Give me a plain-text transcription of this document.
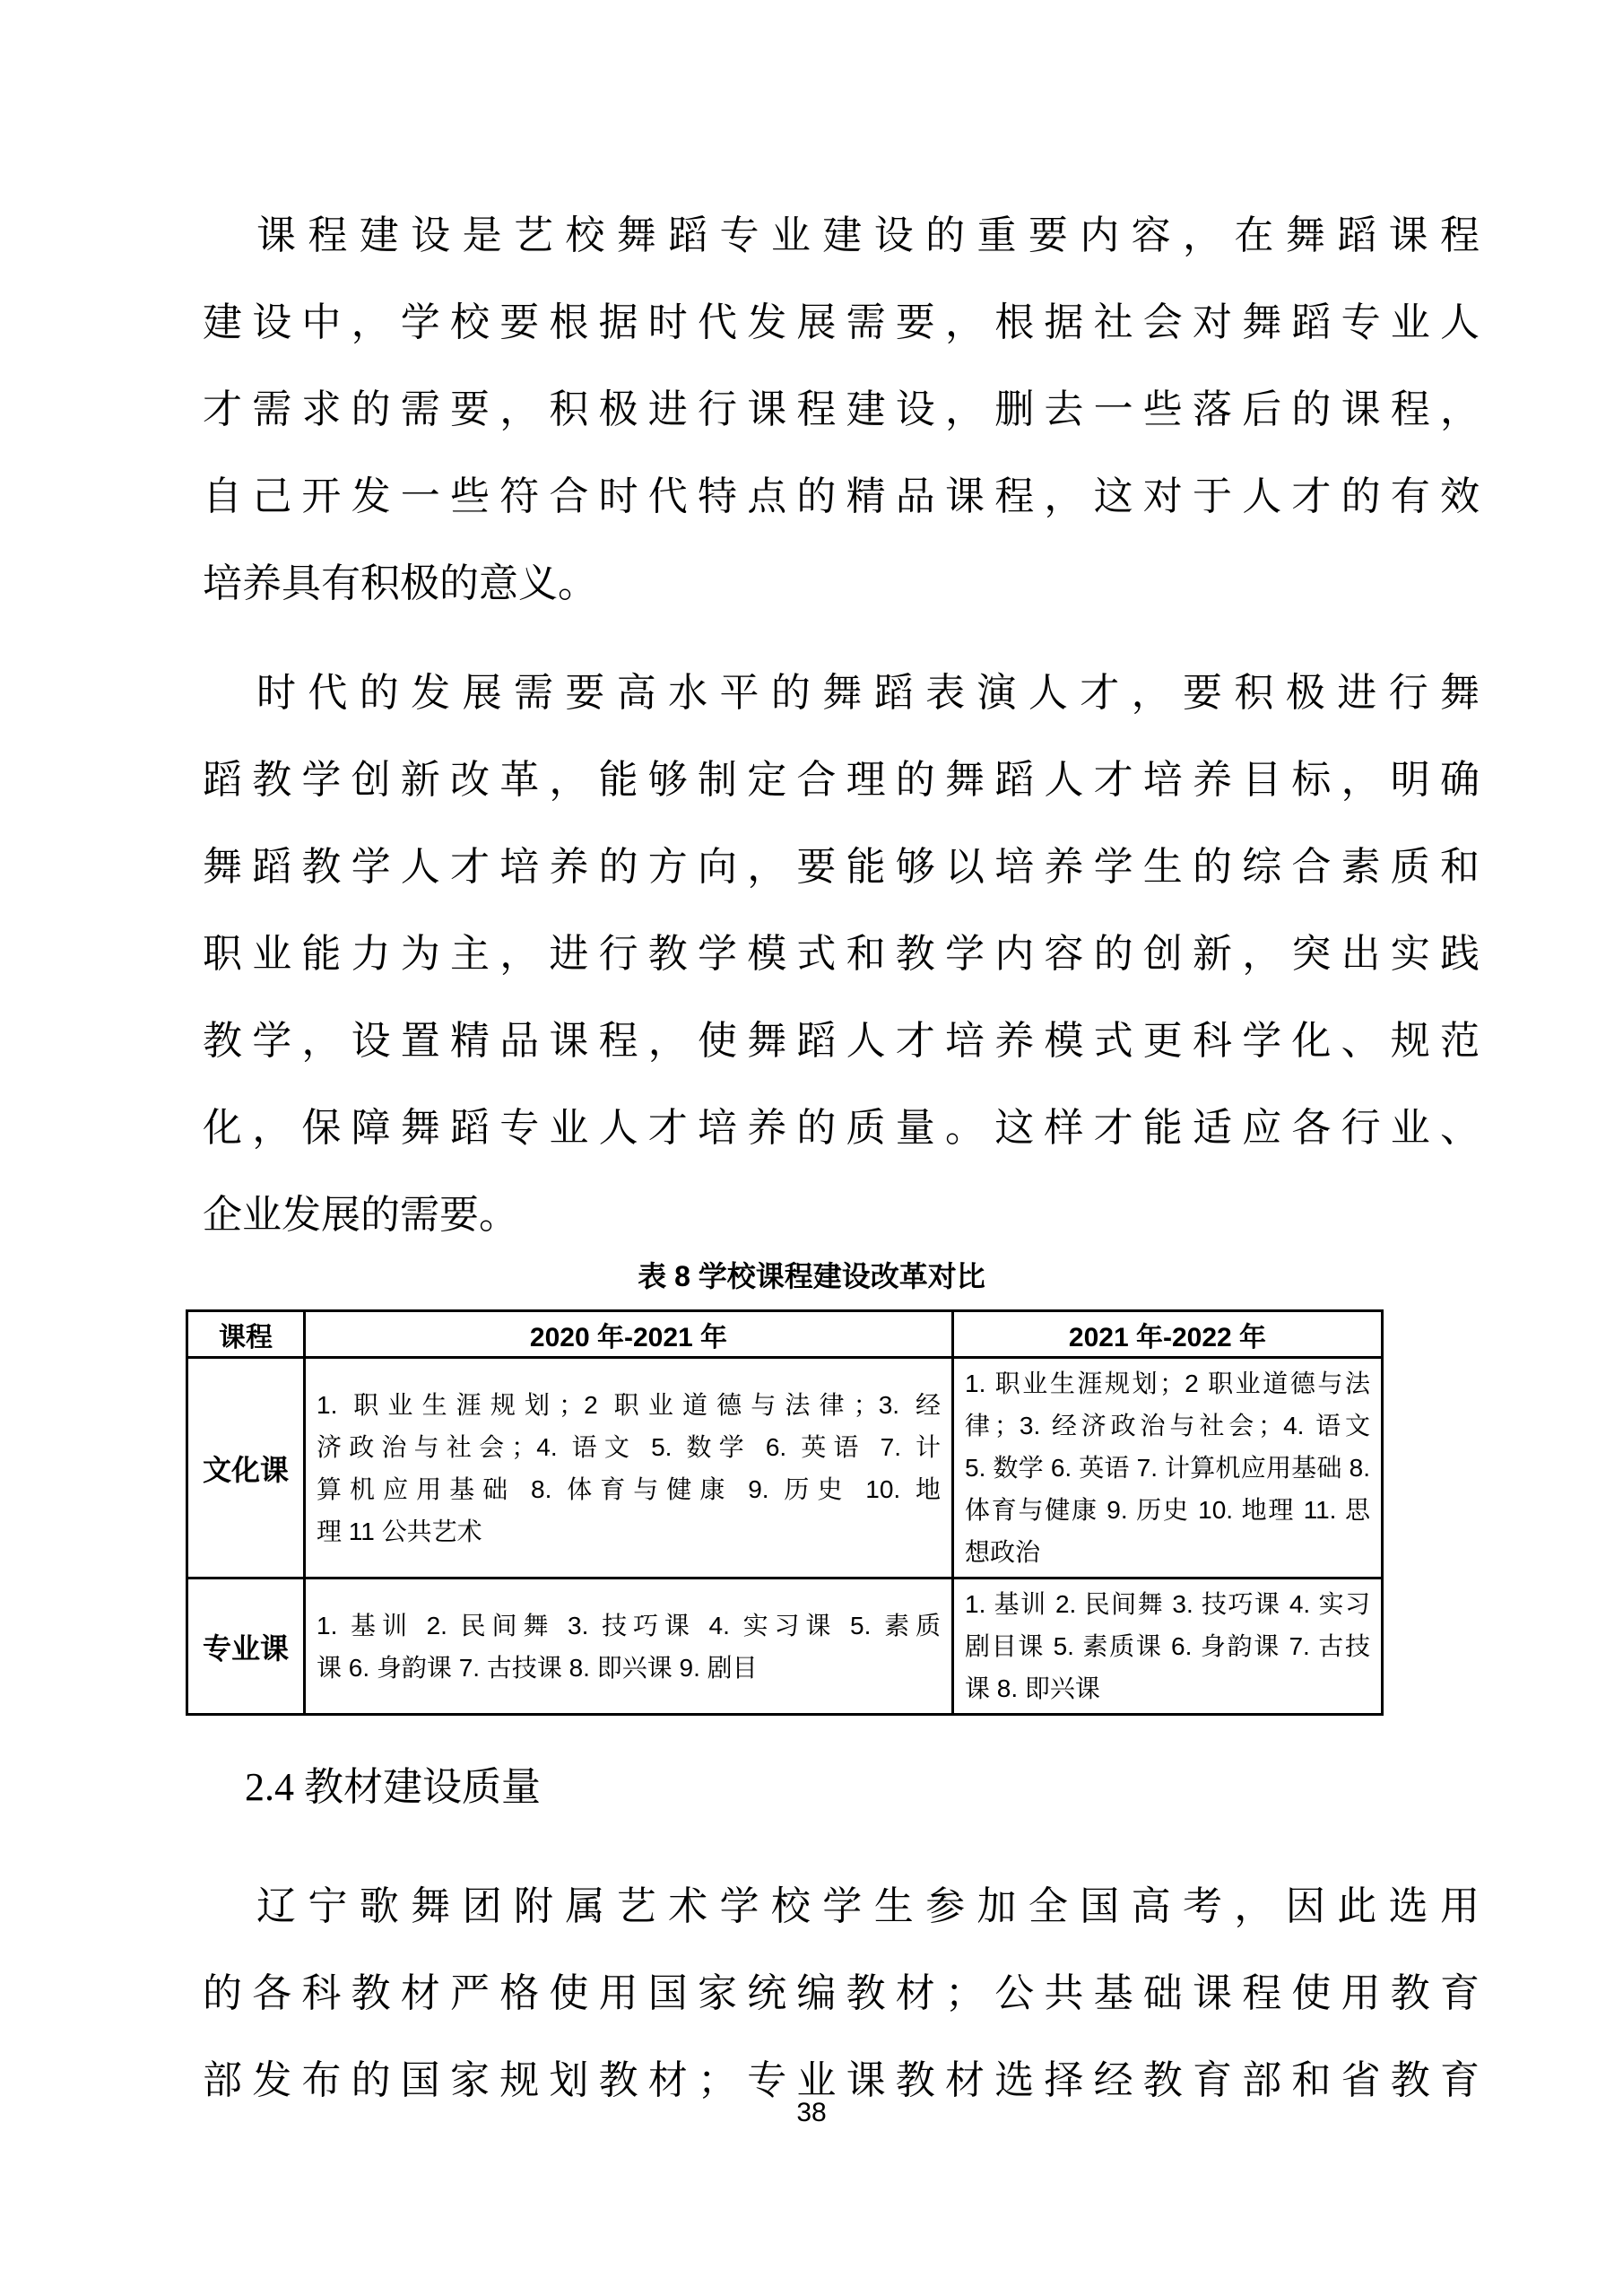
课程建设是艺校舞蹈专业建设的重要内容，在舞蹈课程
建设中，学校要根据时代发展需要，根据社会对舞蹈专业人
才需求的需要，积极进行课程建设，删去一些落后的课程，
自己开发一些符合时代特点的精品课程，这对于人才的有效
培养具有积极的意义。
时代的发展需要高水平的舞蹈表演人才，要积极进行舞
蹈教学创新改革，能够制定合理的舞蹈人才培养目标，明确
舞蹈教学人才培养的方向，要能够以培养学生的综合素质和
职业能力为主，进行教学模式和教学内容的创新，突出实践
教学，设置精品课程，使舞蹈人才培养模式更科学化、规范
化，保障舞蹈专业人才培养的质量。这样才能适应各行业、
企业发展的需要。
表 8 学校课程建设改革对比
课程	2020 年-2021 年	2021 年-2022 年
文化课
1. 职业生涯规划；2 职业道德与法律；3. 经
济政治与社会；4. 语文 5. 数学 6. 英语 7. 计
算机应用基础 8. 体育与健康 9. 历史 10. 地
理 11 公共艺术
1. 职业生涯规划；2 职业道德与法
律；3. 经济政治与社会；4. 语文
5. 数学 6. 英语 7. 计算机应用基础 8.
体育与健康 9. 历史 10. 地理 11. 思
想政治
专业课
1. 基训 2. 民间舞 3. 技巧课 4. 实习课 5. 素质
课 6. 身韵课 7. 古技课 8. 即兴课 9. 剧目
1. 基训 2. 民间舞 3. 技巧课 4. 实习
剧目课 5. 素质课 6. 身韵课 7. 古技
课 8. 即兴课
2.4 教材建设质量
辽宁歌舞团附属艺术学校学生参加全国高考，因此选用
的各科教材严格使用国家统编教材；公共基础课程使用教育
部发布的国家规划教材；专业课教材选择经教育部和省教育
38
